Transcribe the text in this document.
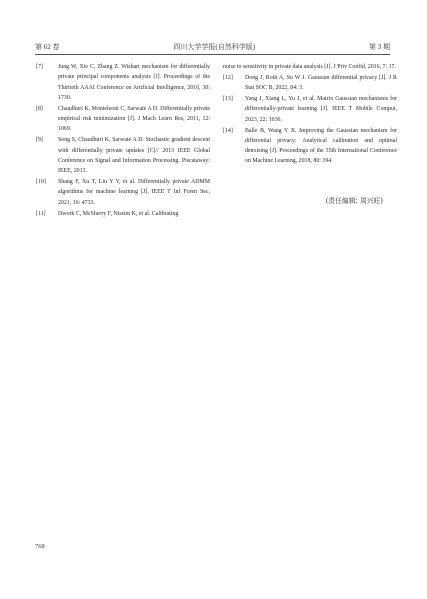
第 62 卷	四川大学学报(自然科学版)	第 3 期
[7]	Jung W, Xie C, Zhang Z. Wishart mechanism for differentially private principal components analysis [J]. Proceedings of the Thirtieth AAAI Conference on Artificial Intelligence, 2016, 30: 1730.
[8]	Chaudhuri K, Monteleoni C, Sarwate A D. Differentially private empirical risk minimization [J]. J Mach Learn Res, 2011, 12: 1069.
[9]	Song S, Chaudhuri K, Sarwate A D. Stochastic gradient descent with differentially private updates [C]// 2013 IEEE Global Conference on Signal and Information Processing. Piscataway: IEEE, 2013.
[10] Shang F, Xu T, Liu Y Y, et al. Differentially private ADMM algorithms for machine learning [J]. IEEE T Inf Foren Sec, 2021, 16: 4733.
[11] Dwork C, McSherry F, Nissim K, et al. Calibrating
noise to sensitivity in private data analysis [J]. J Priv Confid, 2016, 7: 17.
[12] Dong J, Roth A, Su W J. Gaussian differential privacy [J]. J R Stat SOC B, 2022, 84: 3.
[13] Yang J, Xiang L, Yu J, et al. Matrix Gaussian mechanisms for differentially-private learning [J]. IEEE T Mobile Comput, 2023, 22: 1036.
[14] Balle B, Wang Y X. Improving the Gaussian mechanism for differential privacy: Analytical calibration and optimal denoising [J]. Proceedings of the 35th International Conference on Machine Learning, 2018, 80: 394.
(责任编辑: 周兴旺)
768
